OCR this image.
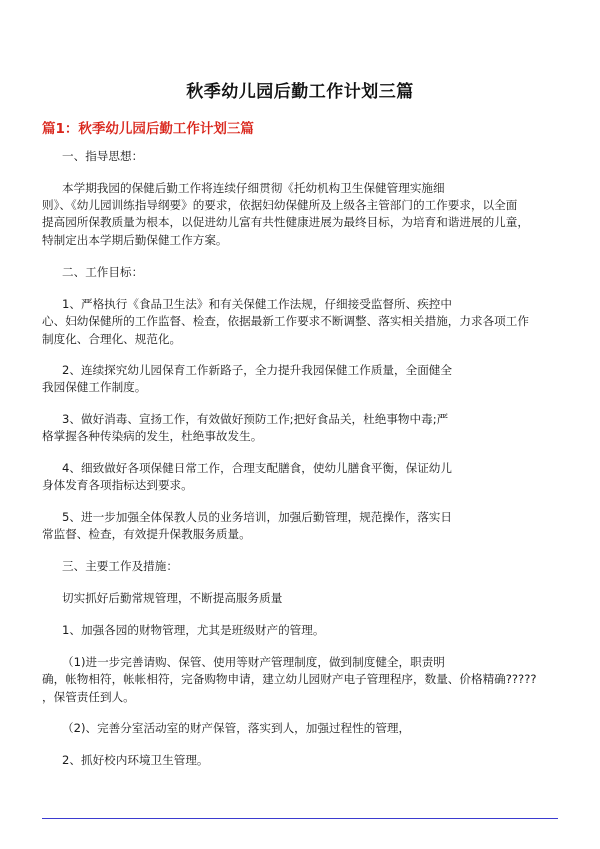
秋季幼儿园后勤工作计划三篇
篇1：秋季幼儿园后勤工作计划三篇
一、指导思想：
本学期我园的保健后勤工作将连续仔细贯彻《托幼机构卫生保健管理实施细
则》、《幼儿园训练指导纲要》的要求，依据妇幼保健所及上级各主管部门的工作要求，以全面
提高园所保教质量为根本，以促进幼儿富有共性健康进展为最终目标，为培育和谐进展的儿童，
特制定出本学期后勤保健工作方案。
二、工作目标：
1、严格执行《食品卫生法》和有关保健工作法规，仔细接受监督所、疾控中
心、妇幼保健所的工作监督、检查，依据最新工作要求不断调整、落实相关措施，力求各项工作
制度化、合理化、规范化。
2、连续探究幼儿园保育工作新路子，全力提升我园保健工作质量，全面健全
我园保健工作制度。
3、做好消毒、宣扬工作，有效做好预防工作;把好食品关，杜绝事物中毒;严
格掌握各种传染病的发生，杜绝事故发生。
4、细致做好各项保健日常工作，合理支配膳食，使幼儿膳食平衡，保证幼儿
身体发育各项指标达到要求。
5、进一步加强全体保教人员的业务培训，加强后勤管理，规范操作，落实日
常监督、检查，有效提升保教服务质量。
三、主要工作及措施：
切实抓好后勤常规管理，不断提高服务质量
1、加强各园的财物管理，尤其是班级财产的管理。
（1)进一步完善请购、保管、使用等财产管理制度，做到制度健全，职责明
确，帐物相符，帐帐相符，完备购物申请，建立幼儿园财产电子管理程序，数量、价格精确?????
，保管责任到人。
（2)、完善分室活动室的财产保管，落实到人，加强过程性的管理，
2、抓好校内环境卫生管理。
